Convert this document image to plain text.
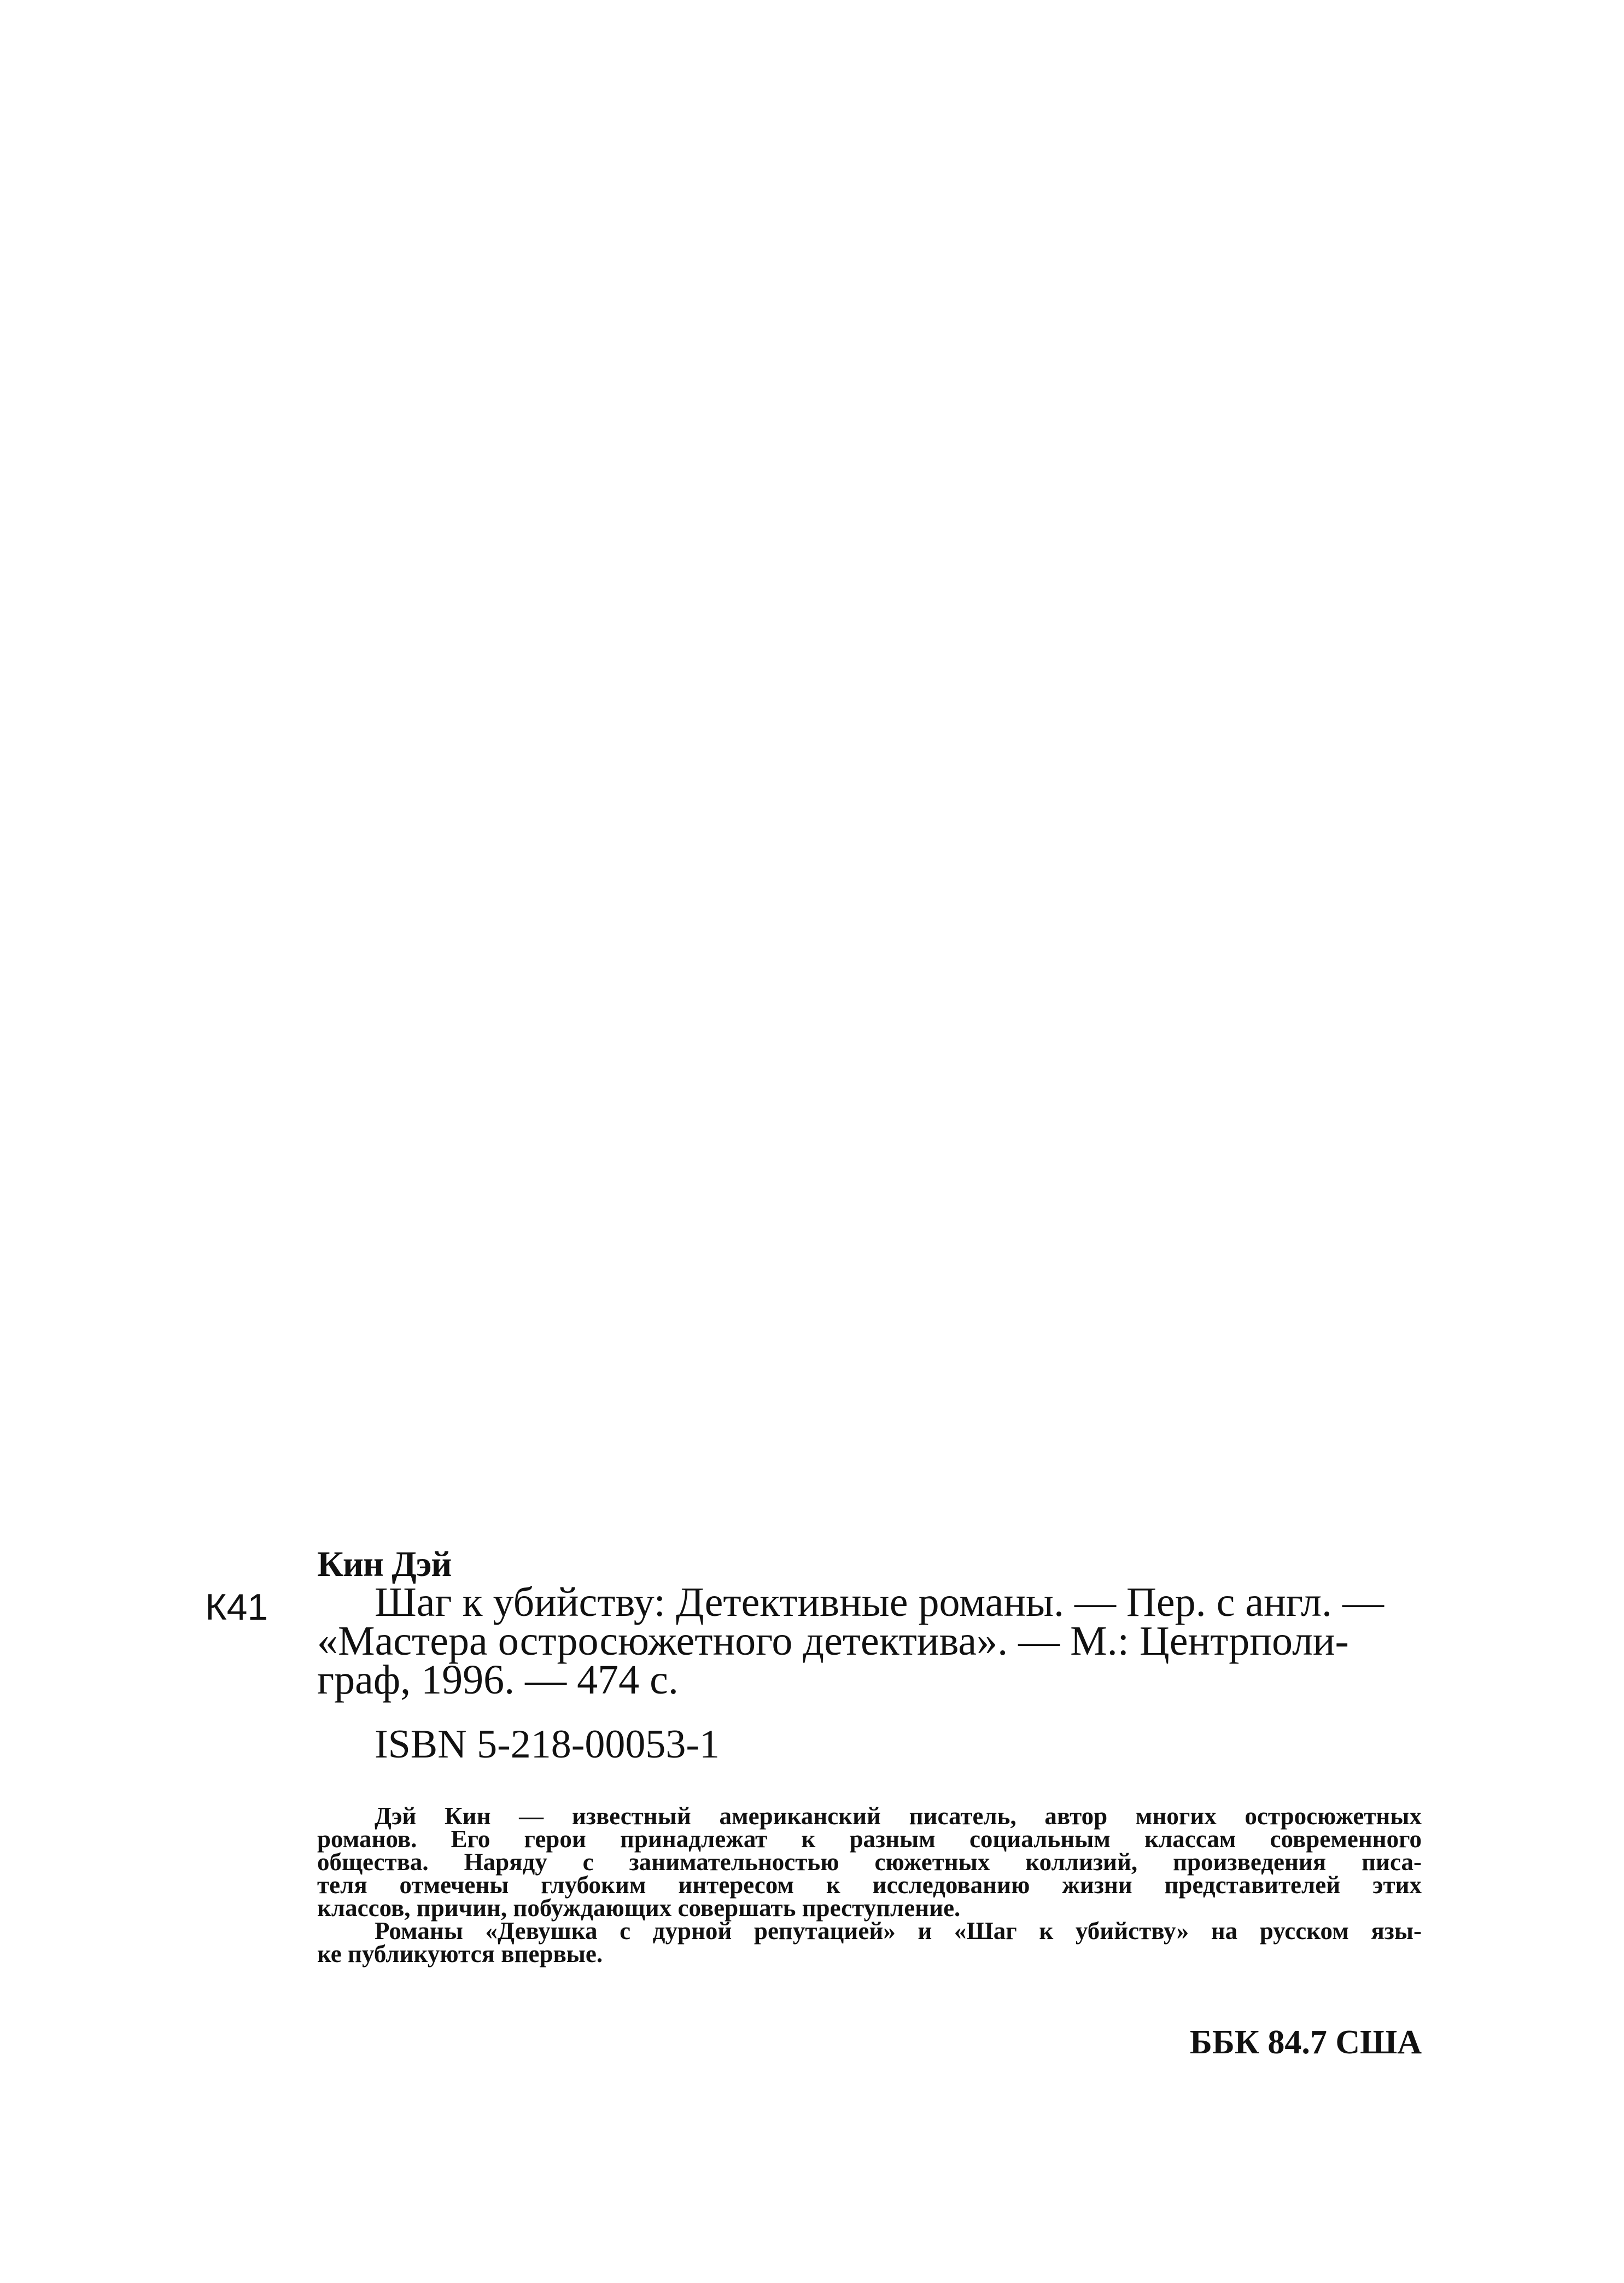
Кин Дэй
К41	Шаг к убийству: Детективные романы. — Пер. с англ. —
«Мастера остросюжетного детектива». — М.: Центрполи-
граф, 1996. — 474 с.
ISBN 5-218-00053-1
Дэй Кин — известный американский писатель, автор многих остросюжетных
романов. Его герои принадлежат к разным социальным классам современного
общества. Наряду с занимательностью сюжетных коллизий, произведения писа-
теля отмечены глубоким интересом к исследованию жизни представителей этих
классов, причин, побуждающих совершать преступление.
Романы «Девушка с дурной репутацией» и «Шаг к убийству» на русском язы-
ке публикуются впервые.
ББК 84.7 США
